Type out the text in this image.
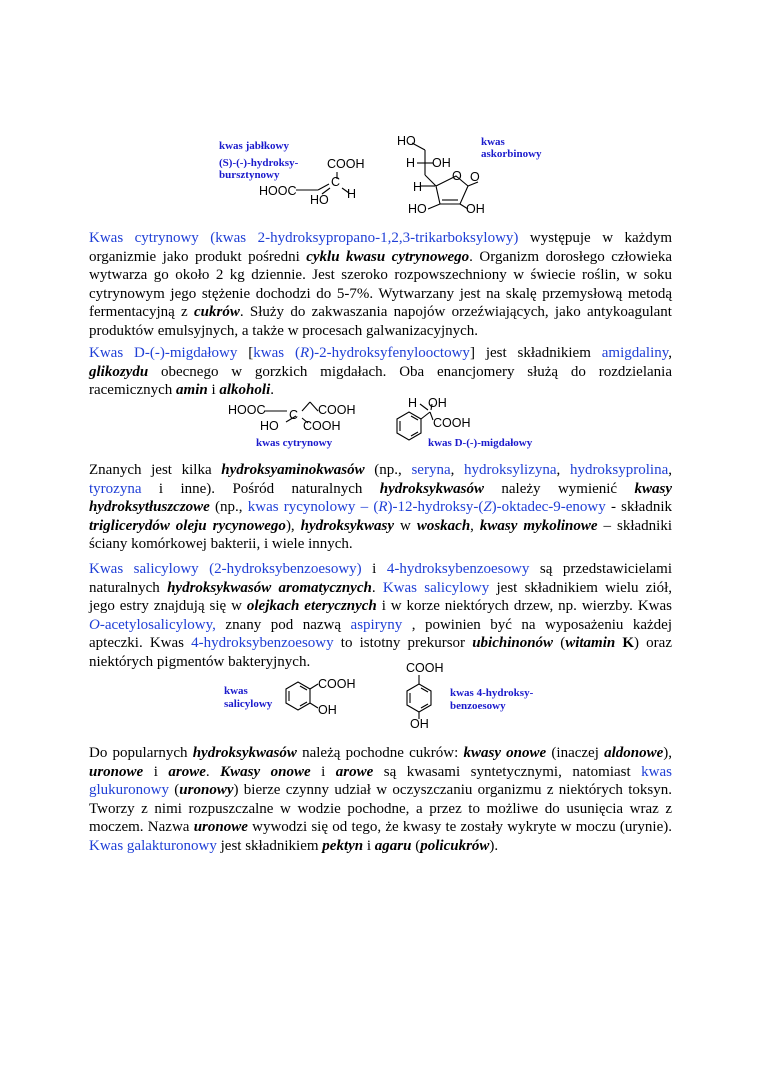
kwas jabłkowy
(S)-(-)-hydroksy-
bursztynowy
COOH
C
H
HOOC
HO
HO
H OH
O O
H
HO	OH
kwas
askorbinowy

Kwas cytrynowy (kwas 2-hydroksypropano-1,2,3-trikarboksylowy) występuje w każdym organizmie jako produkt pośredni cyklu kwasu cytrynowego. Organizm dorosłego człowieka wytwarza go około 2 kg dziennie. Jest szeroko rozpowszechniony w świecie roślin, w soku cytrynowym jego stężenie dochodzi do 5-7%. Wytwarzany jest na skalę przemysłową metodą fermentacyjną z cukrów. Służy do zakwaszania napojów orzeźwiających, jako antykoagulant produktów emulsyjnych, a także w procesach galwanizacyjnych.

Kwas D-(-)-migdałowy [kwas (R)-2-hydroksyfenylooctowy] jest składnikiem amigdaliny, glikozydu obecnego w gorzkich migdałach. Oba enancjomery służą do rozdzielania racemicznych amin i alkoholi.

HOOC C COOH
HO COOH
kwas cytrynowy
H OH
COOH
kwas D-(-)-migdałowy

Znanych jest kilka hydroksyaminokwasów (np., seryna, hydroksylizyna, hydroksyprolina, tyrozyna i inne). Pośród naturalnych hydroksykwasów należy wymienić kwasy hydroksytłuszczowe (np., kwas rycynolowy – (R)-12-hydroksy-(Z)-oktadec-9-enowy - składnik triglicerydów oleju rycynowego), hydroksykwasy w woskach, kwasy mykolinowe – składniki ściany komórkowej bakterii, i wiele innych.

Kwas salicylowy (2-hydroksybenzoesowy) i 4-hydroksybenzoesowy są przedstawicielami naturalnych hydroksykwasów aromatycznych. Kwas salicylowy jest składnikiem wielu ziół, jego estry znajdują się w olejkach eterycznych i w korze niektórych drzew, np. wierzby. Kwas O-acetylosalicylowy, znany pod nazwą aspiryny , powinien być na wyposażeniu każdej apteczki. Kwas 4-hydroksybenzoesowy to istotny prekursor ubichinonów (witamin K) oraz niektórych pigmentów bakteryjnych.

kwas
salicylowy
COOH
OH
COOH
OH
kwas 4-hydroksy-
benzoesowy

Do popularnych hydroksykwasów należą pochodne cukrów: kwasy onowe (inaczej aldonowe), uronowe i arowe. Kwasy onowe i arowe są kwasami syntetycznymi, natomiast kwas glukuronowy (uronowy) bierze czynny udział w oczyszczaniu organizmu z niektórych toksyn. Tworzy z nimi rozpuszczalne w wodzie pochodne, a przez to możliwe do usunięcia wraz z moczem. Nazwa uronowe wywodzi się od tego, że kwasy te zostały wykryte w moczu (urynie). Kwas galakturonowy jest składnikiem pektyn i agaru (policukrów).
